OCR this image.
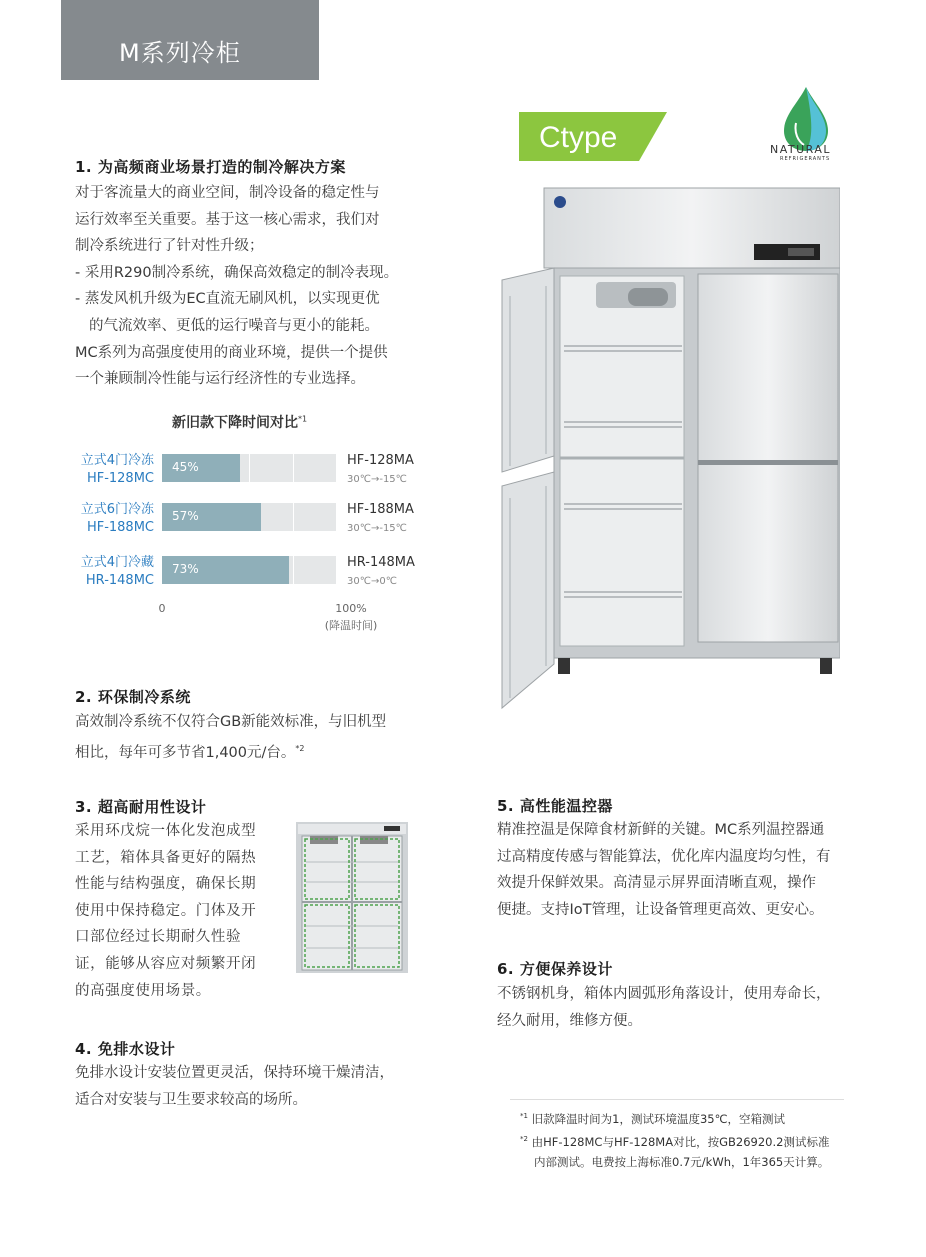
M系列冷柜
1. 为高频商业场景打造的制冷解决方案
对于客流量大的商业空间，制冷设备的稳定性与
运行效率至关重要。基于这一核心需求，我们对
制冷系统进行了针对性升级；
- 采用R290制冷系统，确保高效稳定的制冷表现。
- 蒸发风机升级为EC直流无刷风机，以实现更优
的气流效率、更低的运行噪音与更小的能耗。
MC系列为高强度使用的商业环境，提供一个提供
一个兼顾制冷性能与运行经济性的专业选择。
新旧款下降时间对比$^{*1}$
立式4门冷冻
HF-128MC
45%	HF-128MA
30℃→-15℃
立式6门冷冻
HF-188MC
57%	HF-188MA
30℃→-15℃
立式4门冷藏
HR-148MC
73%	HR-148MA
30℃→0℃
0	100%
(降温时间)
2. 环保制冷系统
高效制冷系统不仅符合GB新能效标准，与旧机型
相比，每年可多节省1,400元/台。$^{*2}$
3. 超高耐用性设计
采用环戊烷一体化发泡成型
工艺，箱体具备更好的隔热
性能与结构强度，确保长期
使用中保持稳定。门体及开
口部位经过长期耐久性验
证，能够从容应对频繁开闭
的高强度使用场景。
4. 免排水设计
免排水设计安装位置更灵活，保持环境干燥清洁，
适合对安装与卫生要求较高的场所。
Ctype	NATURAL
REFRIGERANTS
5. 高性能温控器
精准控温是保障食材新鲜的关键。MC系列温控器通
过高精度传感与智能算法，优化库内温度均匀性，有
效提升保鲜效果。高清显示屏界面清晰直观，操作
便捷。支持IoT管理，让设备管理更高效、更安心。
6. 方便保养设计
不锈钢机身，箱体内圆弧形角落设计，使用寿命长，
经久耐用，维修方便。
$^{*1}$ 旧款降温时间为1，测试环境温度35℃，空箱测试
$^{*2}$ 由HF-128MC与HF-128MA对比，按GB26920.2测试标准
内部测试。电费按上海标准0.7元/kWh，1年365天计算。
